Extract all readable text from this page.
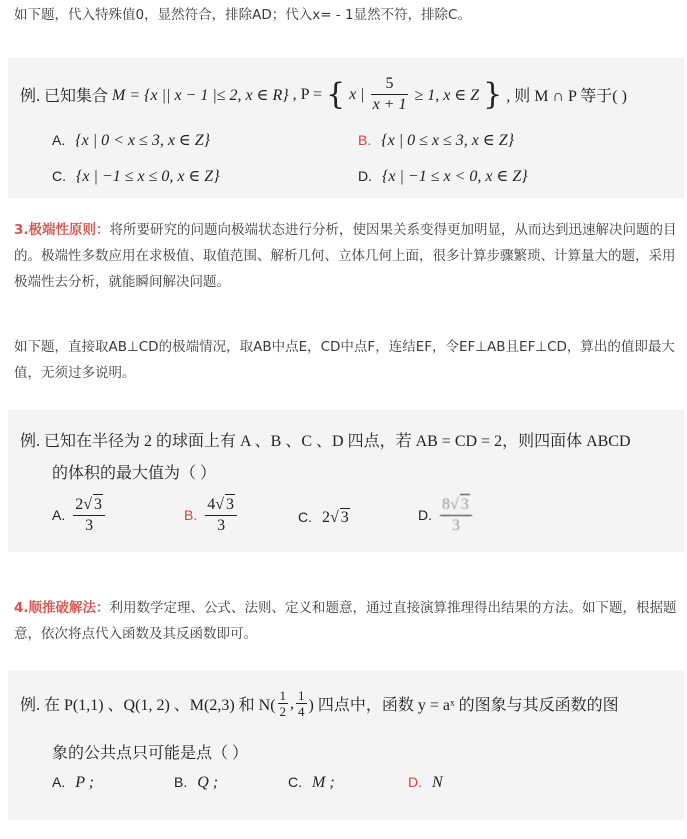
如下题，代入特殊值0，显然符合，排除AD；代入x= - 1显然不符，排除C。
例. 已知集合 M = {x || x − 1 |≤ 2, x ∈ R} , P = { x | $\frac{5}{x + 1} \ge 1$, x ∈ Z } , 则 M ∩ P 等于( )
A. {x | 0 < x ≤ 3, x ∈ Z}	B. {x | 0 ≤ x ≤ 3, x ∈ Z}
C. {x | −1 ≤ x ≤ 0, x ∈ Z}	D. {x | −1 ≤ x < 0, x ∈ Z}
3.极端性原则：将所要研究的问题向极端状态进行分析，使因果关系变得更加明显，从而达到迅速解决问题的目的。极端性多数应用在求极值、取值范围、解析几何、立体几何上面，很多计算步骤繁琐、计算量大的题，采用极端性去分析，就能瞬间解决问题。
如下题，直接取AB⊥CD的极端情况，取AB中点E，CD中点F，连结EF，令EF⊥AB且EF⊥CD，算出的值即最大值，无须过多说明。
例. 已知在半径为 2 的球面上有 A 、B 、C 、D 四点，若 AB = CD = 2，则四面体 ABCD
的体积的最大值为（ ）
A. $\frac{2√ 3}{3}$	B. $\frac{4√ 3}{3}$	C. 2√ 3	D. $\frac{8√ 3}{3}$
4.顺推破解法：利用数学定理、公式、法则、定义和题意，通过直接演算推理得出结果的方法。如下题，根据题意，依次将点代入函数及其反函数即可。
例. 在 P(1,1) 、Q(1, 2) 、M(2,3) 和 $N( \frac{1}{2}$ , $\frac{1}{4}$ ) 四点中，函数 y = aˣ 的图象与其反函数的图
象的公共点只可能是点（ ）
A. P ;	B. Q ;	C. M ;	D. N
